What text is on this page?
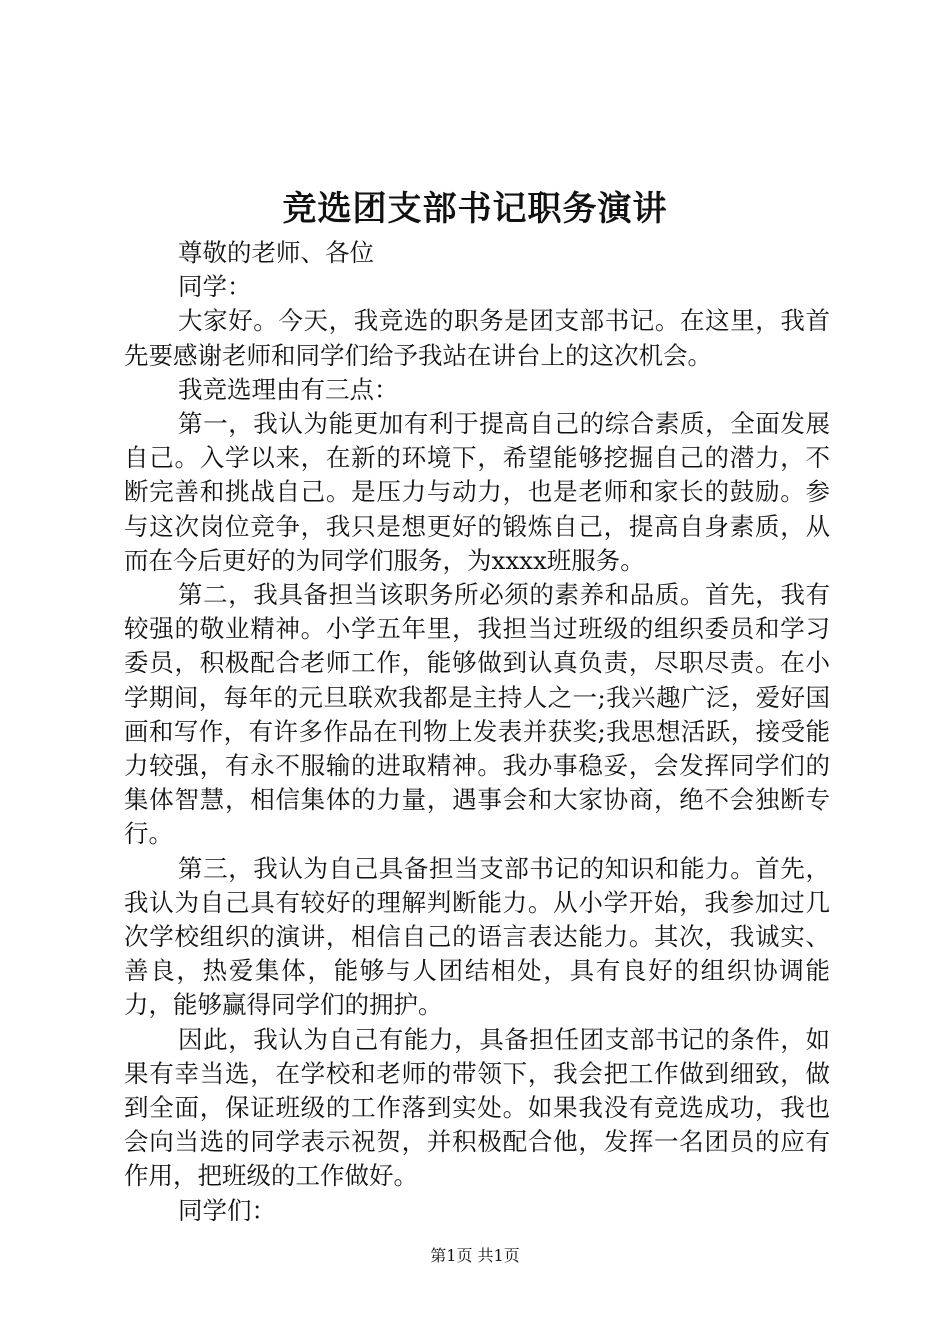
竞选团支部书记职务演讲

尊敬的老师、各位

同学：

大家好。今天，我竞选的职务是团支部书记。在这里，我首先要感谢老师和同学们给予我站在讲台上的这次机会。

我竞选理由有三点：

第一，我认为能更加有利于提高自己的综合素质，全面发展自己。入学以来，在新的环境下，希望能够挖掘自己的潜力，不断完善和挑战自己。是压力与动力，也是老师和家长的鼓励。参与这次岗位竞争，我只是想更好的锻炼自己，提高自身素质，从而在今后更好的为同学们服务，为xxxx班服务。

第二，我具备担当该职务所必须的素养和品质。首先，我有较强的敬业精神。小学五年里，我担当过班级的组织委员和学习委员，积极配合老师工作，能够做到认真负责，尽职尽责。在小学期间，每年的元旦联欢我都是主持人之一;我兴趣广泛，爱好国画和写作，有许多作品在刊物上发表并获奖;我思想活跃，接受能力较强，有永不服输的进取精神。我办事稳妥，会发挥同学们的集体智慧，相信集体的力量，遇事会和大家协商，绝不会独断专行。

第三，我认为自己具备担当支部书记的知识和能力。首先，我认为自己具有较好的理解判断能力。从小学开始，我参加过几次学校组织的演讲，相信自己的语言表达能力。其次，我诚实、善良，热爱集体，能够与人团结相处，具有良好的组织协调能力，能够赢得同学们的拥护。

因此，我认为自己有能力，具备担任团支部书记的条件，如果有幸当选，在学校和老师的带领下，我会把工作做到细致，做到全面，保证班级的工作落到实处。如果我没有竞选成功，我也会向当选的同学表示祝贺，并积极配合他，发挥一名团员的应有作用，把班级的工作做好。

同学们：

第1页 共1页
